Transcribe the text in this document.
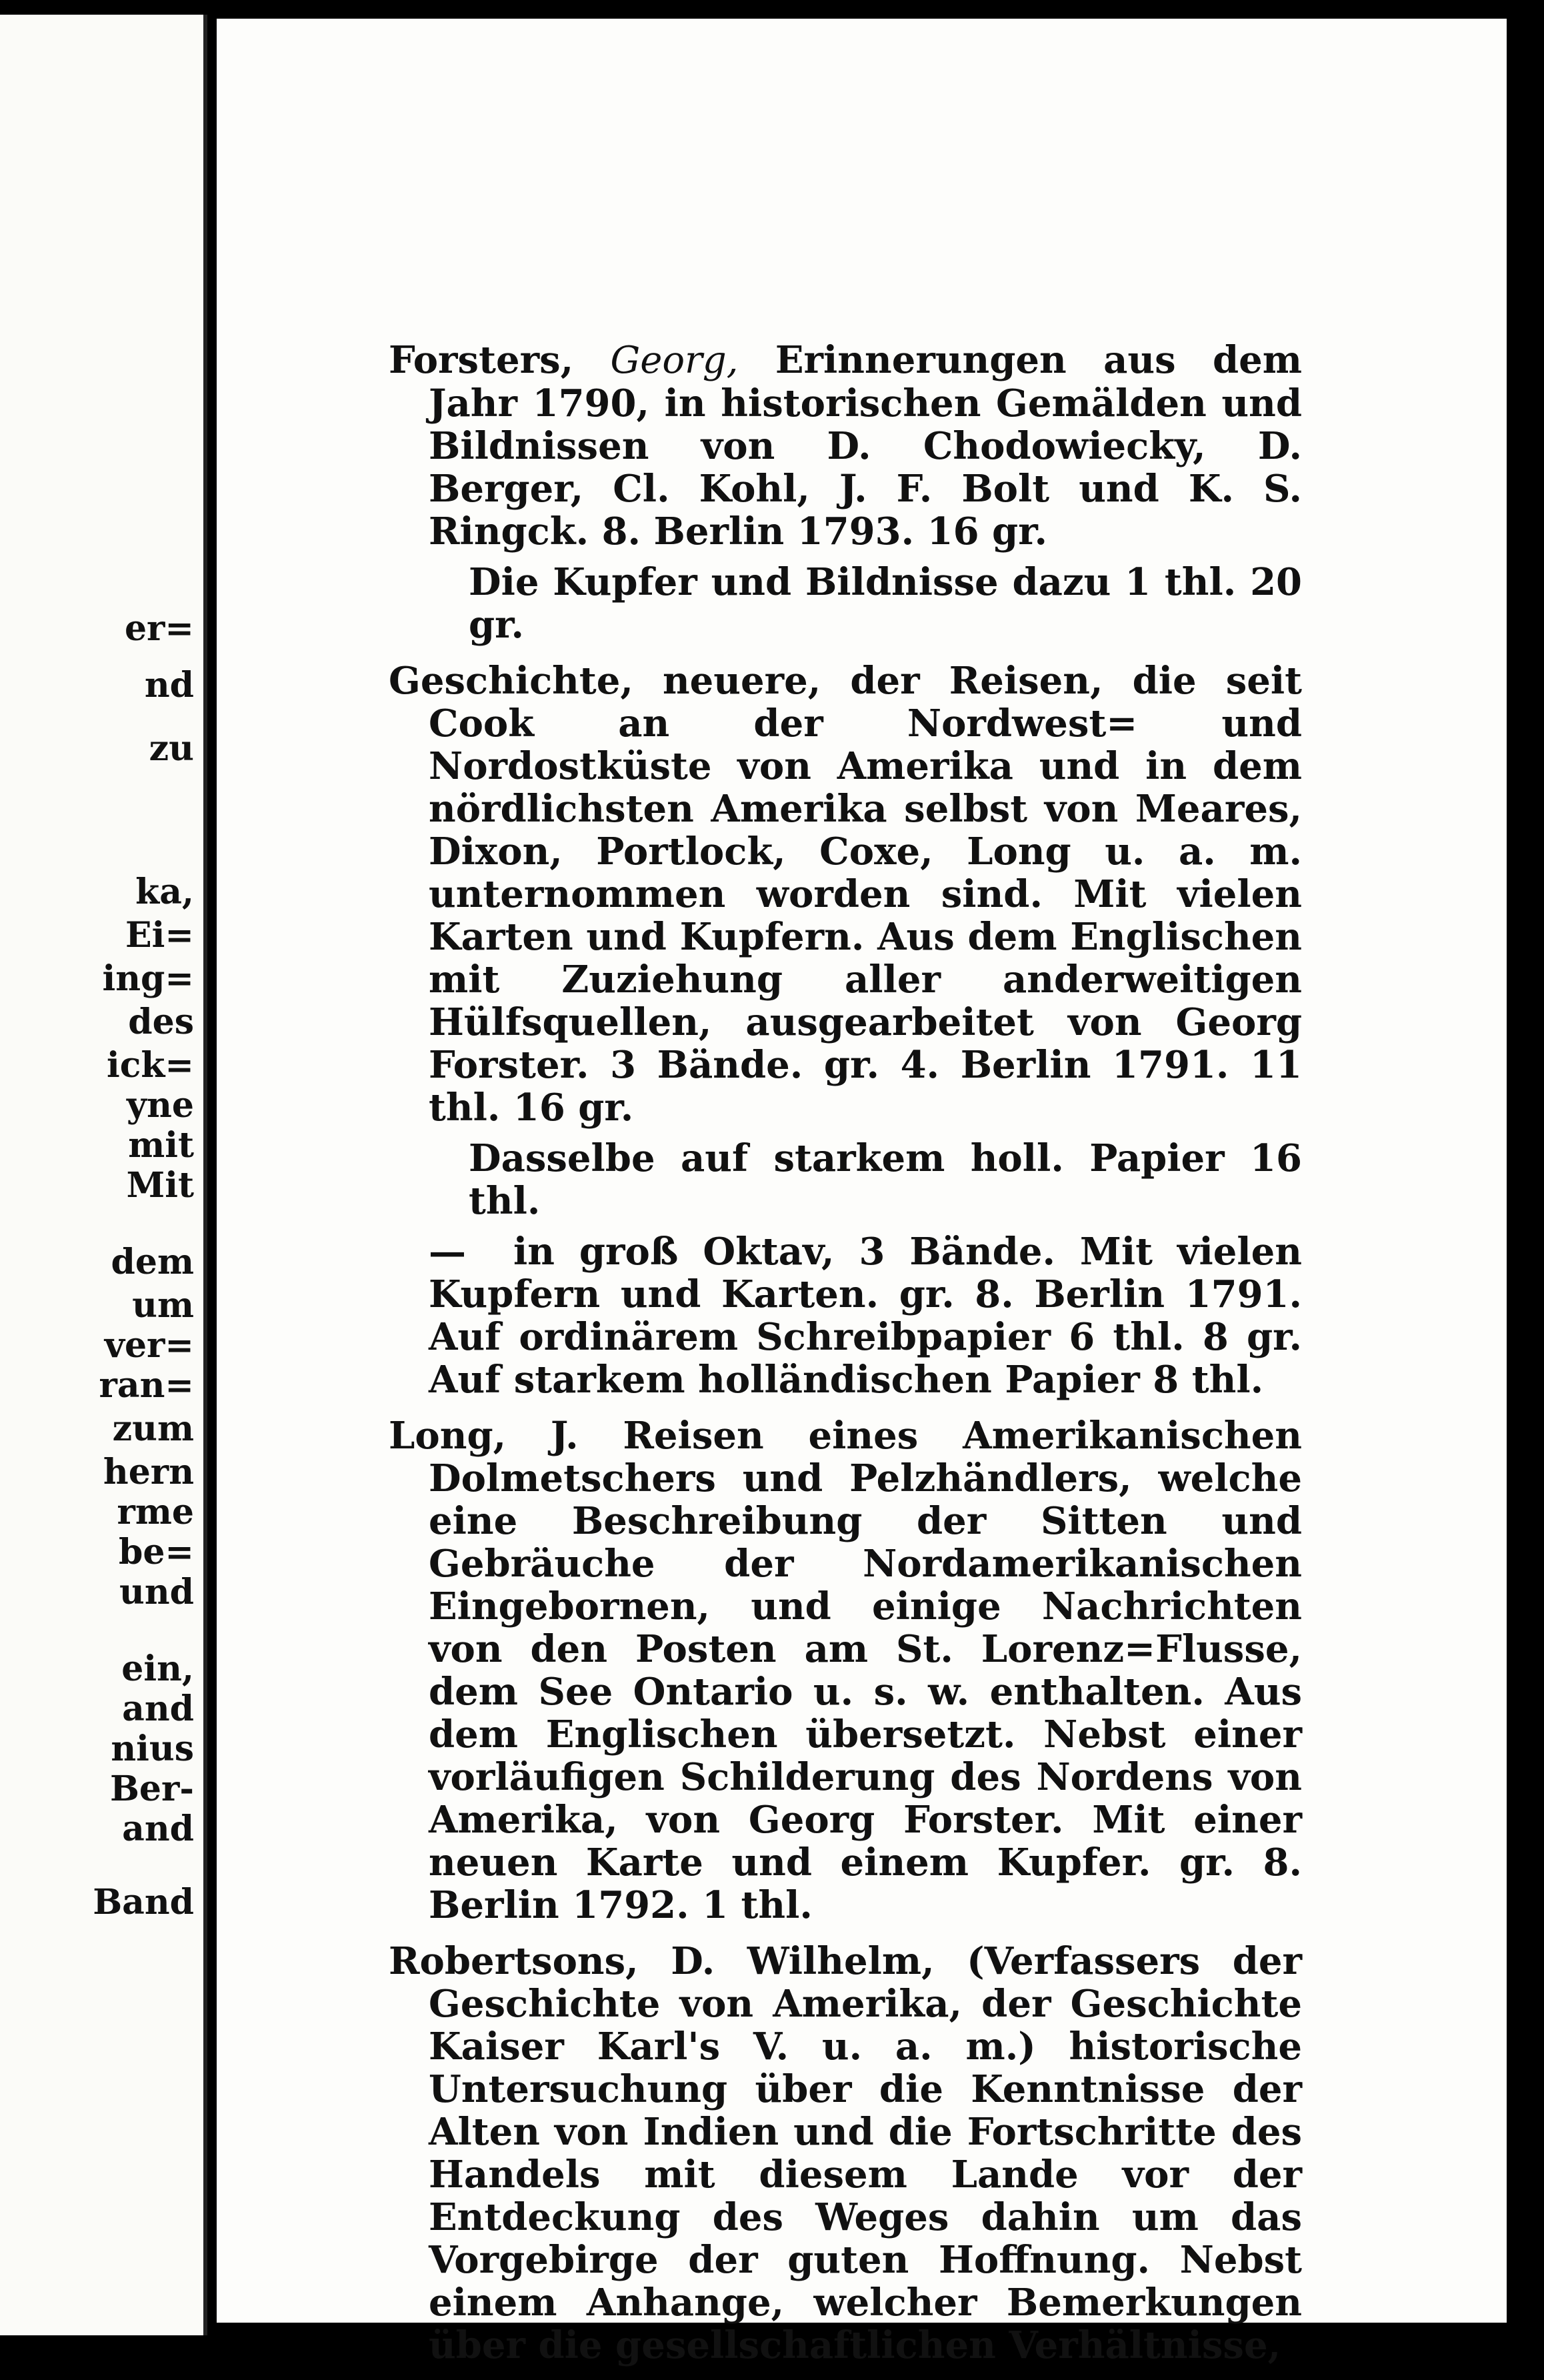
er=
nd
zu
ka,
Ei=
ing=
des
ick=
yne
mit
Mit
dem
um
ver=
ran=
zum
hern
rme
be=
und
ein,
and
nius
Ber-
and
Band

Forsters, Georg, Erinnerungen aus dem Jahr 1790, in historischen Gemälden und Bildnissen von D. Chodowiecky, D. Berger, Cl. Kohl, J. F. Bolt und K. S. Ringck. 8. Berlin 1793. 16 gr.

Die Kupfer und Bildnisse dazu 1 thl. 20 gr.

Geschichte, neuere, der Reisen, die seit Cook an der Nordwest= und Nordostküste von Amerika und in dem nördlichsten Amerika selbst von Meares, Dixon, Portlock, Coxe, Long u. a. m. unternommen worden sind. Mit vielen Karten und Kupfern. Aus dem Englischen mit Zuziehung aller anderweitigen Hülfsquellen, ausgearbeitet von Georg Forster. 3 Bände. gr. 4. Berlin 1791. 11 thl. 16 gr.

Dasselbe auf starkem holl. Papier 16 thl.

— in groß Oktav, 3 Bände. Mit vielen Kupfern und Karten. gr. 8. Berlin 1791. Auf ordinärem Schreibpapier 6 thl. 8 gr. Auf starkem holländischen Papier 8 thl.

Long, J. Reisen eines Amerikanischen Dolmetschers und Pelzhändlers, welche eine Beschreibung der Sitten und Gebräuche der Nordamerikanischen Eingebornen, und einige Nachrichten von den Posten am St. Lorenz=Flusse, dem See Ontario u. s. w. enthalten. Aus dem Englischen übersetzt. Nebst einer vorläufigen Schilderung des Nordens von Amerika, von Georg Forster. Mit einer neuen Karte und einem Kupfer. gr. 8. Berlin 1792. 1 thl.

Robertsons, D. Wilhelm, (Verfassers der Geschichte von Amerika, der Geschichte Kaiser Karl's V. u. a. m.) historische Untersuchung über die Kenntnisse der Alten von Indien und die Fortschritte des Handels mit diesem Lande vor der Entdeckung des Weges dahin um das Vorgebirge der guten Hoffnung. Nebst einem Anhange, welcher Bemerkungen über die gesellschaftlichen Verhältnisse,
